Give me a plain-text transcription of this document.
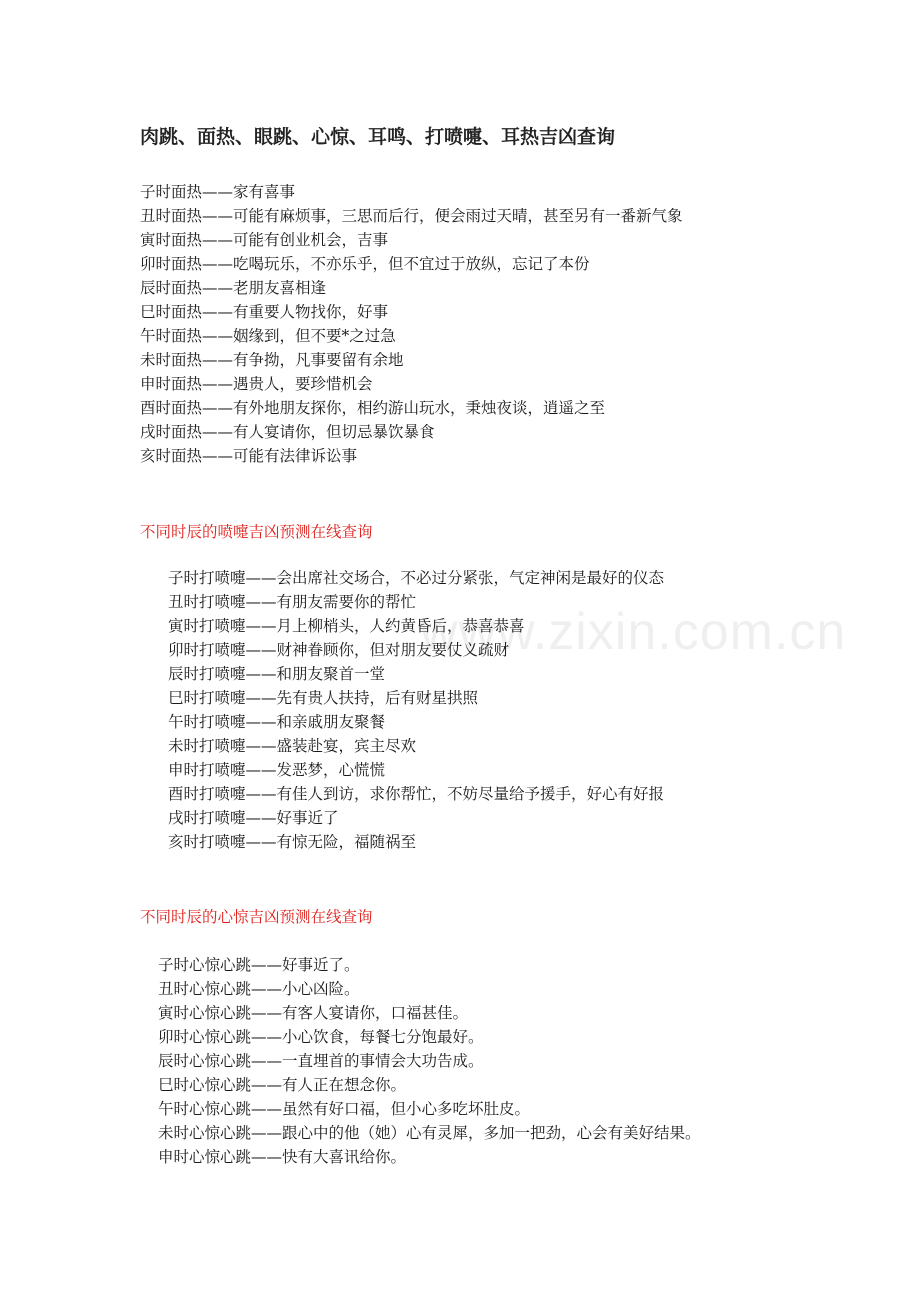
www.zixin.com.cn
肉跳、面热、眼跳、心惊、耳鸣、打喷嚏、耳热吉凶查询
子时面热——家有喜事
丑时面热——可能有麻烦事，三思而后行，便会雨过天晴，甚至另有一番新气象
寅时面热——可能有创业机会，吉事
卯时面热——吃喝玩乐，不亦乐乎，但不宜过于放纵，忘记了本份
辰时面热——老朋友喜相逢
巳时面热——有重要人物找你，好事
午时面热——姻缘到，但不要*之过急
未时面热——有争拗，凡事要留有余地
申时面热——遇贵人，要珍惜机会
酉时面热——有外地朋友探你，相约游山玩水，秉烛夜谈，逍遥之至
戌时面热——有人宴请你，但切忌暴饮暴食
亥时面热——可能有法律诉讼事
不同时辰的喷嚏吉凶预测在线查询
子时打喷嚏——会出席社交场合，不必过分紧张，气定神闲是最好的仪态
丑时打喷嚏——有朋友需要你的帮忙
寅时打喷嚏——月上柳梢头，人约黄昏后，恭喜恭喜
卯时打喷嚏——财神眷顾你，但对朋友要仗义疏财
辰时打喷嚏——和朋友聚首一堂
巳时打喷嚏——先有贵人扶持，后有财星拱照
午时打喷嚏——和亲戚朋友聚餐
未时打喷嚏——盛装赴宴，宾主尽欢
申时打喷嚏——发恶梦，心慌慌
酉时打喷嚏——有佳人到访，求你帮忙，不妨尽量给予援手，好心有好报
戌时打喷嚏——好事近了
亥时打喷嚏——有惊无险，福随祸至
不同时辰的心惊吉凶预测在线查询
子时心惊心跳——好事近了。
丑时心惊心跳——小心凶险。
寅时心惊心跳——有客人宴请你，口福甚佳。
卯时心惊心跳——小心饮食，每餐七分饱最好。
辰时心惊心跳——一直埋首的事情会大功告成。
巳时心惊心跳——有人正在想念你。
午时心惊心跳——虽然有好口福，但小心多吃坏肚皮。
未时心惊心跳——跟心中的他（她）心有灵犀，多加一把劲，心会有美好结果。
申时心惊心跳——快有大喜讯给你。
